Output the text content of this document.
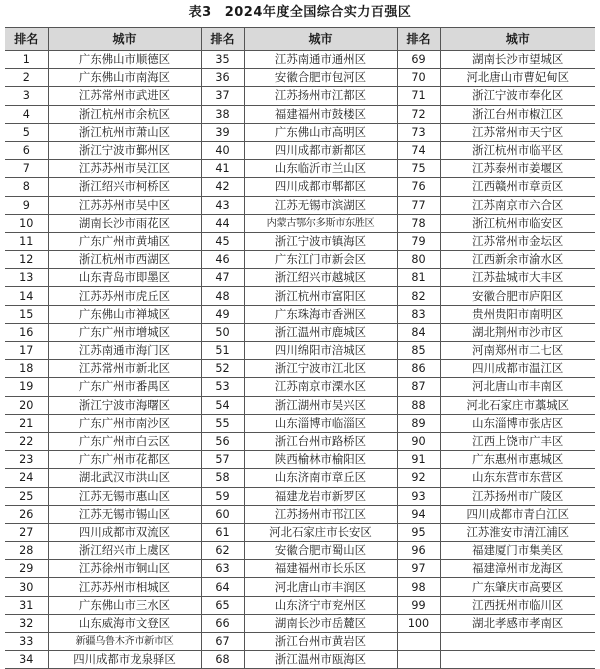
表3 2024年度全国综合实力百强区
排名	城市	排名	城市	排名	城市
1	广东佛山市顺德区	35	江苏南通市通州区	69	湖南长沙市望城区
2	广东佛山市南海区	36	安徽合肥市包河区	70	河北唐山市曹妃甸区
3	江苏常州市武进区	37	江苏扬州市江都区	71	浙江宁波市奉化区
4	浙江杭州市余杭区	38	福建福州市鼓楼区	72	浙江台州市椒江区
5	浙江杭州市萧山区	39	广东佛山市高明区	73	江苏常州市天宁区
6	浙江宁波市鄞州区	40	四川成都市新都区	74	浙江杭州市临平区
7	江苏苏州市吴江区	41	山东临沂市兰山区	75	江苏泰州市姜堰区
8	浙江绍兴市柯桥区	42	四川成都市郫都区	76	江西赣州市章贡区
9	江苏苏州市吴中区	43	江苏无锡市滨湖区	77	江苏南京市六合区
10	湖南长沙市雨花区	44	内蒙古鄂尔多斯市东胜区	78	浙江杭州市临安区
11	广东广州市黄埔区	45	浙江宁波市镇海区	79	江苏常州市金坛区
12	浙江杭州市西湖区	46	广东江门市新会区	80	江西新余市渝水区
13	山东青岛市即墨区	47	浙江绍兴市越城区	81	江苏盐城市大丰区
14	江苏苏州市虎丘区	48	浙江杭州市富阳区	82	安徽合肥市庐阳区
15	广东佛山市禅城区	49	广东珠海市香洲区	83	贵州贵阳市南明区
16	广东广州市增城区	50	浙江温州市鹿城区	84	湖北荆州市沙市区
17	江苏南通市海门区	51	四川绵阳市涪城区	85	河南郑州市二七区
18	江苏常州市新北区	52	浙江宁波市江北区	86	四川成都市温江区
19	广东广州市番禺区	53	江苏南京市溧水区	87	河北唐山市丰南区
20	浙江宁波市海曙区	54	浙江湖州市吴兴区	88	河北石家庄市藁城区
21	广东广州市南沙区	55	山东淄博市临淄区	89	山东淄博市张店区
22	广东广州市白云区	56	浙江台州市路桥区	90	江西上饶市广丰区
23	广东广州市花都区	57	陕西榆林市榆阳区	91	广东惠州市惠城区
24	湖北武汉市洪山区	58	山东济南市章丘区	92	山东东营市东营区
25	江苏无锡市惠山区	59	福建龙岩市新罗区	93	江苏扬州市广陵区
26	江苏无锡市锡山区	60	江苏扬州市邗江区	94	四川成都市青白江区
27	四川成都市双流区	61	河北石家庄市长安区	95	江苏淮安市清江浦区
28	浙江绍兴市上虞区	62	安徽合肥市蜀山区	96	福建厦门市集美区
29	江苏徐州市铜山区	63	福建福州市长乐区	97	福建漳州市龙海区
30	江苏苏州市相城区	64	河北唐山市丰润区	98	广东肇庆市高要区
31	广东佛山市三水区	65	山东济宁市兖州区	99	江西抚州市临川区
32	山东威海市文登区	66	湖南长沙市岳麓区	100	湖北孝感市孝南区
33	新疆乌鲁木齐市新市区	67	浙江台州市黄岩区		
34	四川成都市龙泉驿区	68	浙江温州市瓯海区		
